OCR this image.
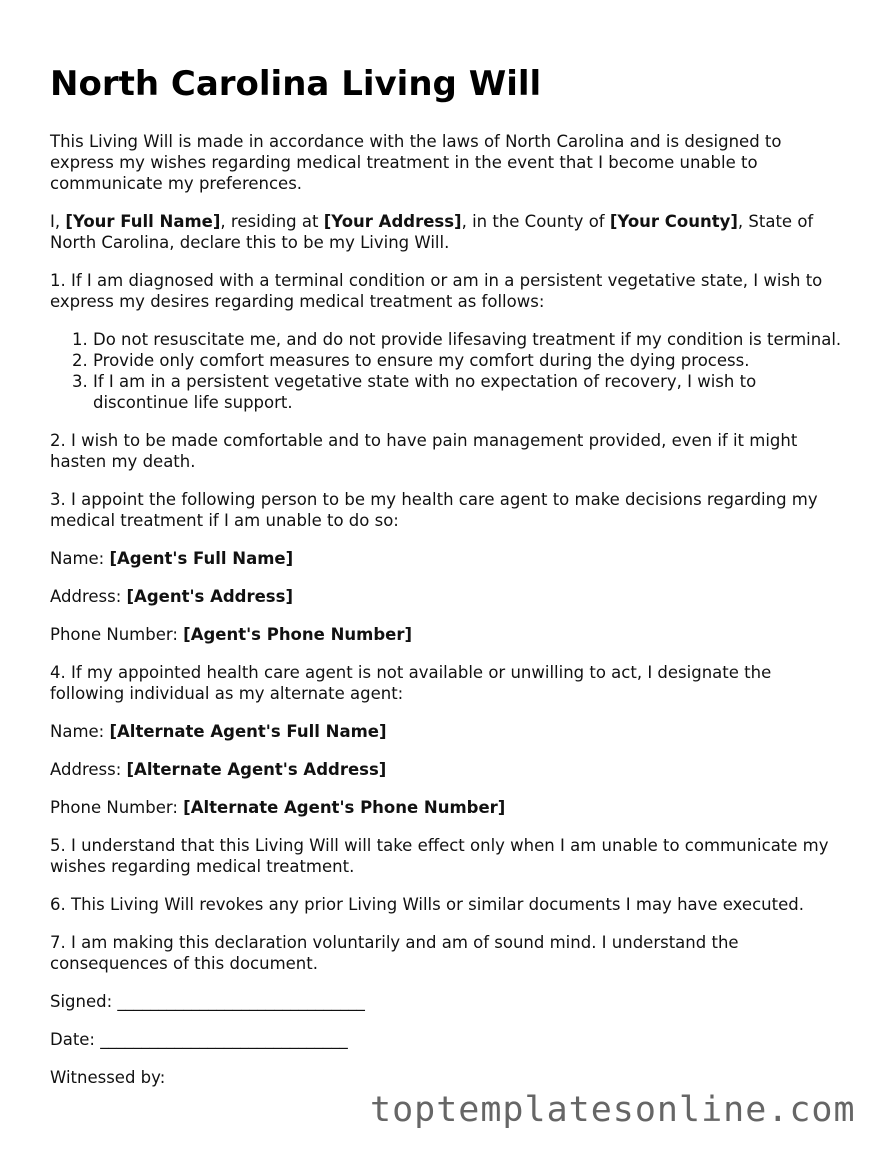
North Carolina Living Will

This Living Will is made in accordance with the laws of North Carolina and is designed to express my wishes regarding medical treatment in the event that I become unable to communicate my preferences.

I, [Your Full Name], residing at [Your Address], in the County of [Your County], State of North Carolina, declare this to be my Living Will.

1. If I am diagnosed with a terminal condition or am in a persistent vegetative state, I wish to express my desires regarding medical treatment as follows:

1. Do not resuscitate me, and do not provide lifesaving treatment if my condition is terminal.
2. Provide only comfort measures to ensure my comfort during the dying process.
3. If I am in a persistent vegetative state with no expectation of recovery, I wish to discontinue life support.

2. I wish to be made comfortable and to have pain management provided, even if it might hasten my death.

3. I appoint the following person to be my health care agent to make decisions regarding my medical treatment if I am unable to do so:

Name: [Agent's Full Name]

Address: [Agent's Address]

Phone Number: [Agent's Phone Number]

4. If my appointed health care agent is not available or unwilling to act, I designate the following individual as my alternate agent:

Name: [Alternate Agent's Full Name]

Address: [Alternate Agent's Address]

Phone Number: [Alternate Agent's Phone Number]

5. I understand that this Living Will will take effect only when I am unable to communicate my wishes regarding medical treatment.

6. This Living Will revokes any prior Living Wills or similar documents I may have executed.

7. I am making this declaration voluntarily and am of sound mind. I understand the consequences of this document.

Signed: ______________________________

Date: ______________________________

Witnessed by:

toptemplatesonline.com
